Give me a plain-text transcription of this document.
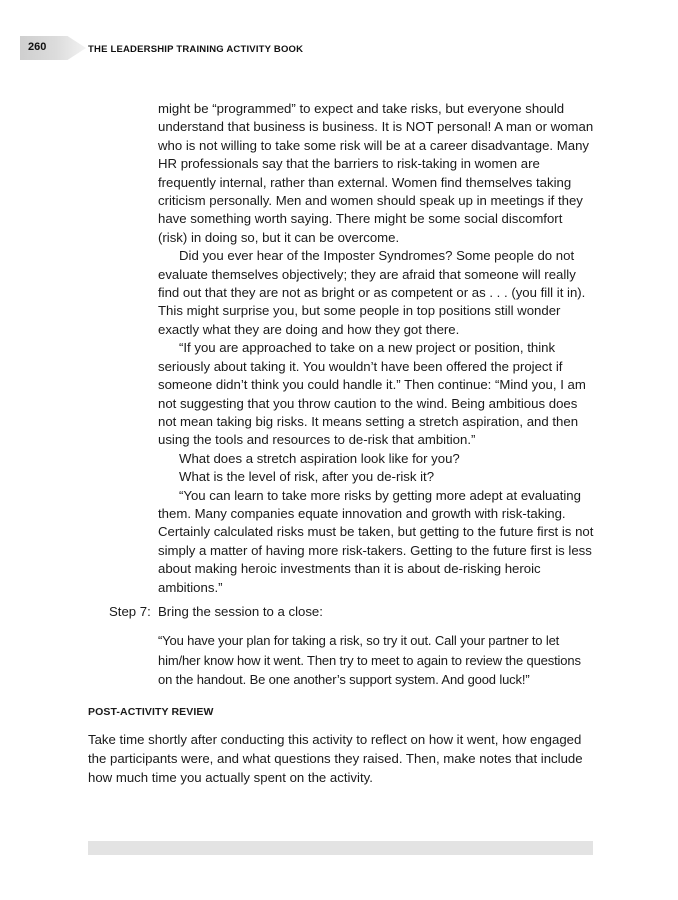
260	THE LEADERSHIP TRAINING ACTIVITY BOOK

might be “programmed” to expect and take risks, but everyone should understand that business is business. It is NOT personal! A man or woman who is not willing to take some risk will be at a career disadvantage. Many HR professionals say that the barriers to risk-taking in women are frequently internal, rather than external. Women find themselves taking criticism personally. Men and women should speak up in meetings if they have something worth saying. There might be some social discomfort (risk) in doing so, but it can be overcome.

Did you ever hear of the Imposter Syndromes? Some people do not evaluate themselves objectively; they are afraid that someone will really find out that they are not as bright or as competent or as . . . (you fill it in). This might surprise you, but some people in top positions still wonder exactly what they are doing and how they got there.

“If you are approached to take on a new project or position, think seriously about taking it. You wouldn’t have been offered the project if someone didn’t think you could handle it.” Then continue: “Mind you, I am not suggesting that you throw caution to the wind. Being ambitious does not mean taking big risks. It means setting a stretch aspiration, and then using the tools and resources to de-risk that ambition.”

What does a stretch aspiration look like for you?

What is the level of risk, after you de-risk it?

“You can learn to take more risks by getting more adept at evaluating them. Many companies equate innovation and growth with risk-taking. Certainly calculated risks must be taken, but getting to the future first is not simply a matter of having more risk-takers. Getting to the future first is less about making heroic investments than it is about de-risking heroic ambitions.”

Step 7: Bring the session to a close:
“You have your plan for taking a risk, so try it out. Call your partner to let him/her know how it went. Then try to meet to again to review the questions on the handout. Be one another’s support system. And good luck!”
POST-ACTIVITY REVIEW
Take time shortly after conducting this activity to reflect on how it went, how engaged the participants were, and what questions they raised. Then, make notes that include how much time you actually spent on the activity.
